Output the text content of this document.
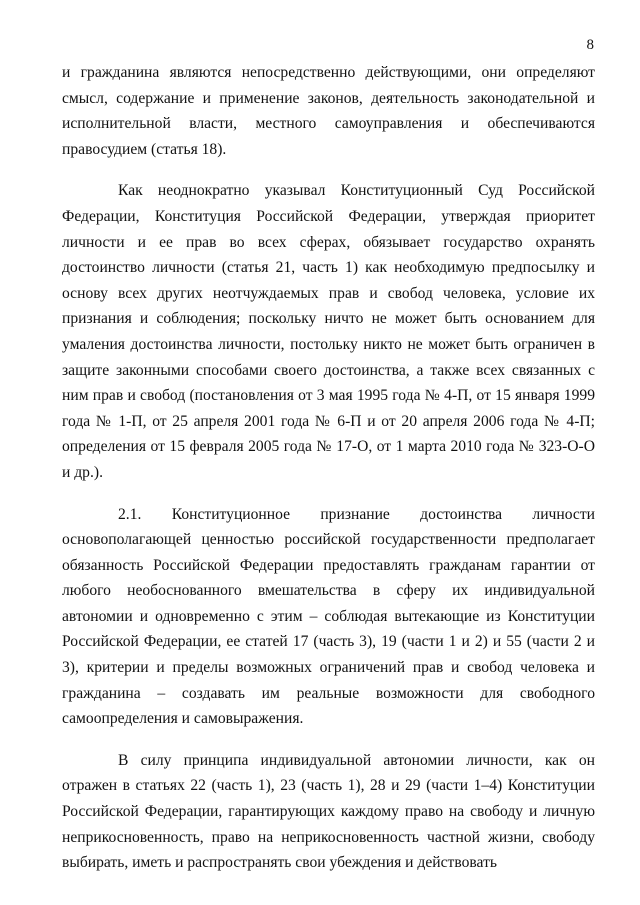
8

и гражданина являются непосредственно действующими, они определяют смысл, содержание и применение законов, деятельность законодательной и исполнительной власти, местного самоуправления и обеспечиваются правосудием (статья 18).

Как неоднократно указывал Конституционный Суд Российской Федерации, Конституция Российской Федерации, утверждая приоритет личности и ее прав во всех сферах, обязывает государство охранять достоинство личности (статья 21, часть 1) как необходимую предпосылку и основу всех других неотчуждаемых прав и свобод человека, условие их признания и соблюдения; поскольку ничто не может быть основанием для умаления достоинства личности, постольку никто не может быть ограничен в защите законными способами своего достоинства, а также всех связанных с ним прав и свобод (постановления от 3 мая 1995 года № 4-П, от 15 января 1999 года № 1-П, от 25 апреля 2001 года № 6-П и от 20 апреля 2006 года № 4-П; определения от 15 февраля 2005 года № 17-О, от 1 марта 2010 года № 323-О-О и др.).

2.1. Конституционное признание достоинства личности основополагающей ценностью российской государственности предполагает обязанность Российской Федерации предоставлять гражданам гарантии от любого необоснованного вмешательства в сферу их индивидуальной автономии и одновременно с этим – соблюдая вытекающие из Конституции Российской Федерации, ее статей 17 (часть 3), 19 (части 1 и 2) и 55 (части 2 и 3), критерии и пределы возможных ограничений прав и свобод человека и гражданина – создавать им реальные возможности для свободного самоопределения и самовыражения.

В силу принципа индивидуальной автономии личности, как он отражен в статьях 22 (часть 1), 23 (часть 1), 28 и 29 (части 1–4) Конституции Российской Федерации, гарантирующих каждому право на свободу и личную неприкосновенность, право на неприкосновенность частной жизни, свободу выбирать, иметь и распространять свои убеждения и действовать
